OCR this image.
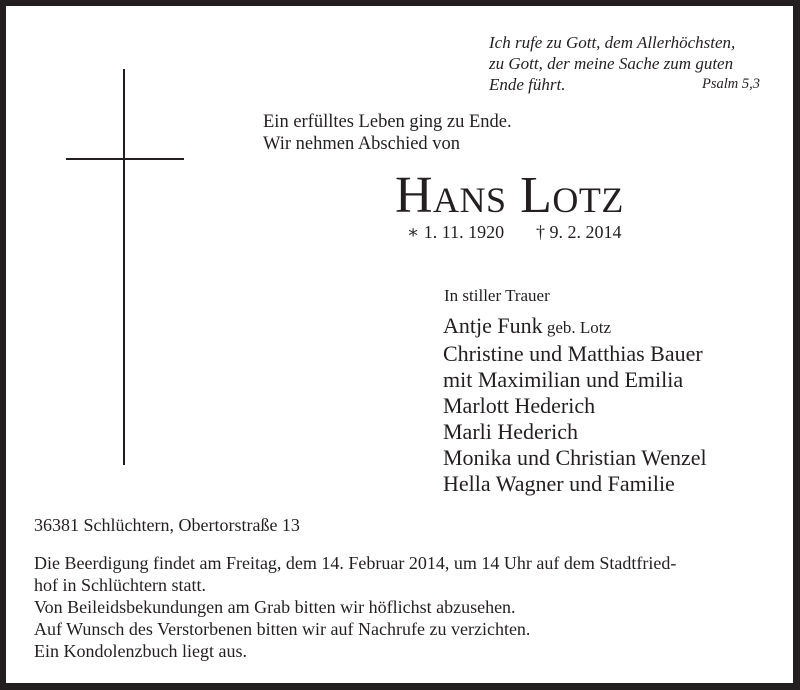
Ich rufe zu Gott, dem Allerhöchsten,
zu Gott, der meine Sache zum guten
Ende führt.	Psalm 5,3
Ein erfülltes Leben ging zu Ende.
Wir nehmen Abschied von
Hans Lotz
∗ 1. 11. 1920 † 9. 2. 2014
In stiller Trauer
Antje Funk geb. Lotz
Christine und Matthias Bauer
mit Maximilian und Emilia
Marlott Hederich
Marli Hederich
Monika und Christian Wenzel
Hella Wagner und Familie
36381 Schlüchtern, Obertorstraße 13
Die Beerdigung findet am Freitag, dem 14. Februar 2014, um 14 Uhr auf dem Stadtfried-
hof in Schlüchtern statt.
Von Beileidsbekundungen am Grab bitten wir höflichst abzusehen.
Auf Wunsch des Verstorbenen bitten wir auf Nachrufe zu verzichten.
Ein Kondolenzbuch liegt aus.
